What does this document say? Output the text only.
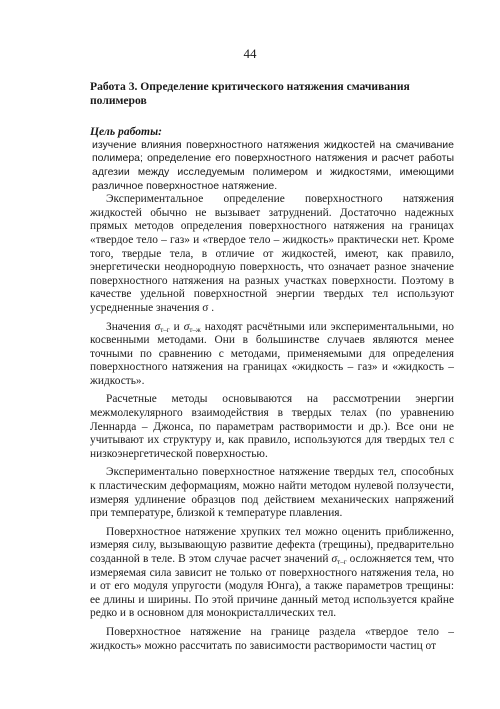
44

Работа 3. Определение критического натяжения смачивания полимеров

Цель работы:

изучение влияния поверхностного натяжения жидкостей на смачивание полимера; определение его поверхностного натяжения и расчет работы адгезии между исследуемым полимером и жидкостями, имеющими различное поверхностное натяжение.

Экспериментальное определение поверхностного натяжения жидкостей обычно не вызывает затруднений. Достаточно надежных прямых методов определения поверхностного натяжения на границах «твердое тело – газ» и «твердое тело – жидкость» практически нет. Кроме того, твердые тела, в отличие от жидкостей, имеют, как правило, энергетически неоднородную поверхность, что означает разное значение поверхностного натяжения на разных участках поверхности. Поэтому в качестве удельной поверхностной энергии твердых тел используют усредненные значения σ .

Значения $\sigma_{т-г}$ и $\sigma_{т-ж}$ находят расчётными или экспериментальными, но косвенными методами. Они в большинстве случаев являются менее точными по сравнению с методами, применяемыми для определения поверхностного натяжения на границах «жидкость – газ» и «жидкость – жидкость».

Расчетные методы основываются на рассмотрении энергии межмолекулярного взаимодействия в твердых телах (по уравнению Леннарда – Джонса, по параметрам растворимости и др.). Все они не учитывают их структуру и, как правило, используются для твердых тел с низкоэнергетической поверхностью.

Экспериментально поверхностное натяжение твердых тел, способных к пластическим деформациям, можно найти методом нулевой ползучести, измеряя удлинение образцов под действием механических напряжений при температуре, близкой к температуре плавления.

Поверхностное натяжение хрупких тел можно оценить приближенно, измеряя силу, вызывающую развитие дефекта (трещины), предварительно созданной в теле. В этом случае расчет значений $\sigma_{т-г}$ осложняется тем, что измеряемая сила зависит не только от поверхностного натяжения тела, но и от его модуля упругости (модуля Юнга), а также параметров трещины: ее длины и ширины. По этой причине данный метод используется крайне редко и в основном для монокристаллических тел.

Поверхностное натяжение на границе раздела «твердое тело – жидкость» можно рассчитать по зависимости растворимости частиц от
